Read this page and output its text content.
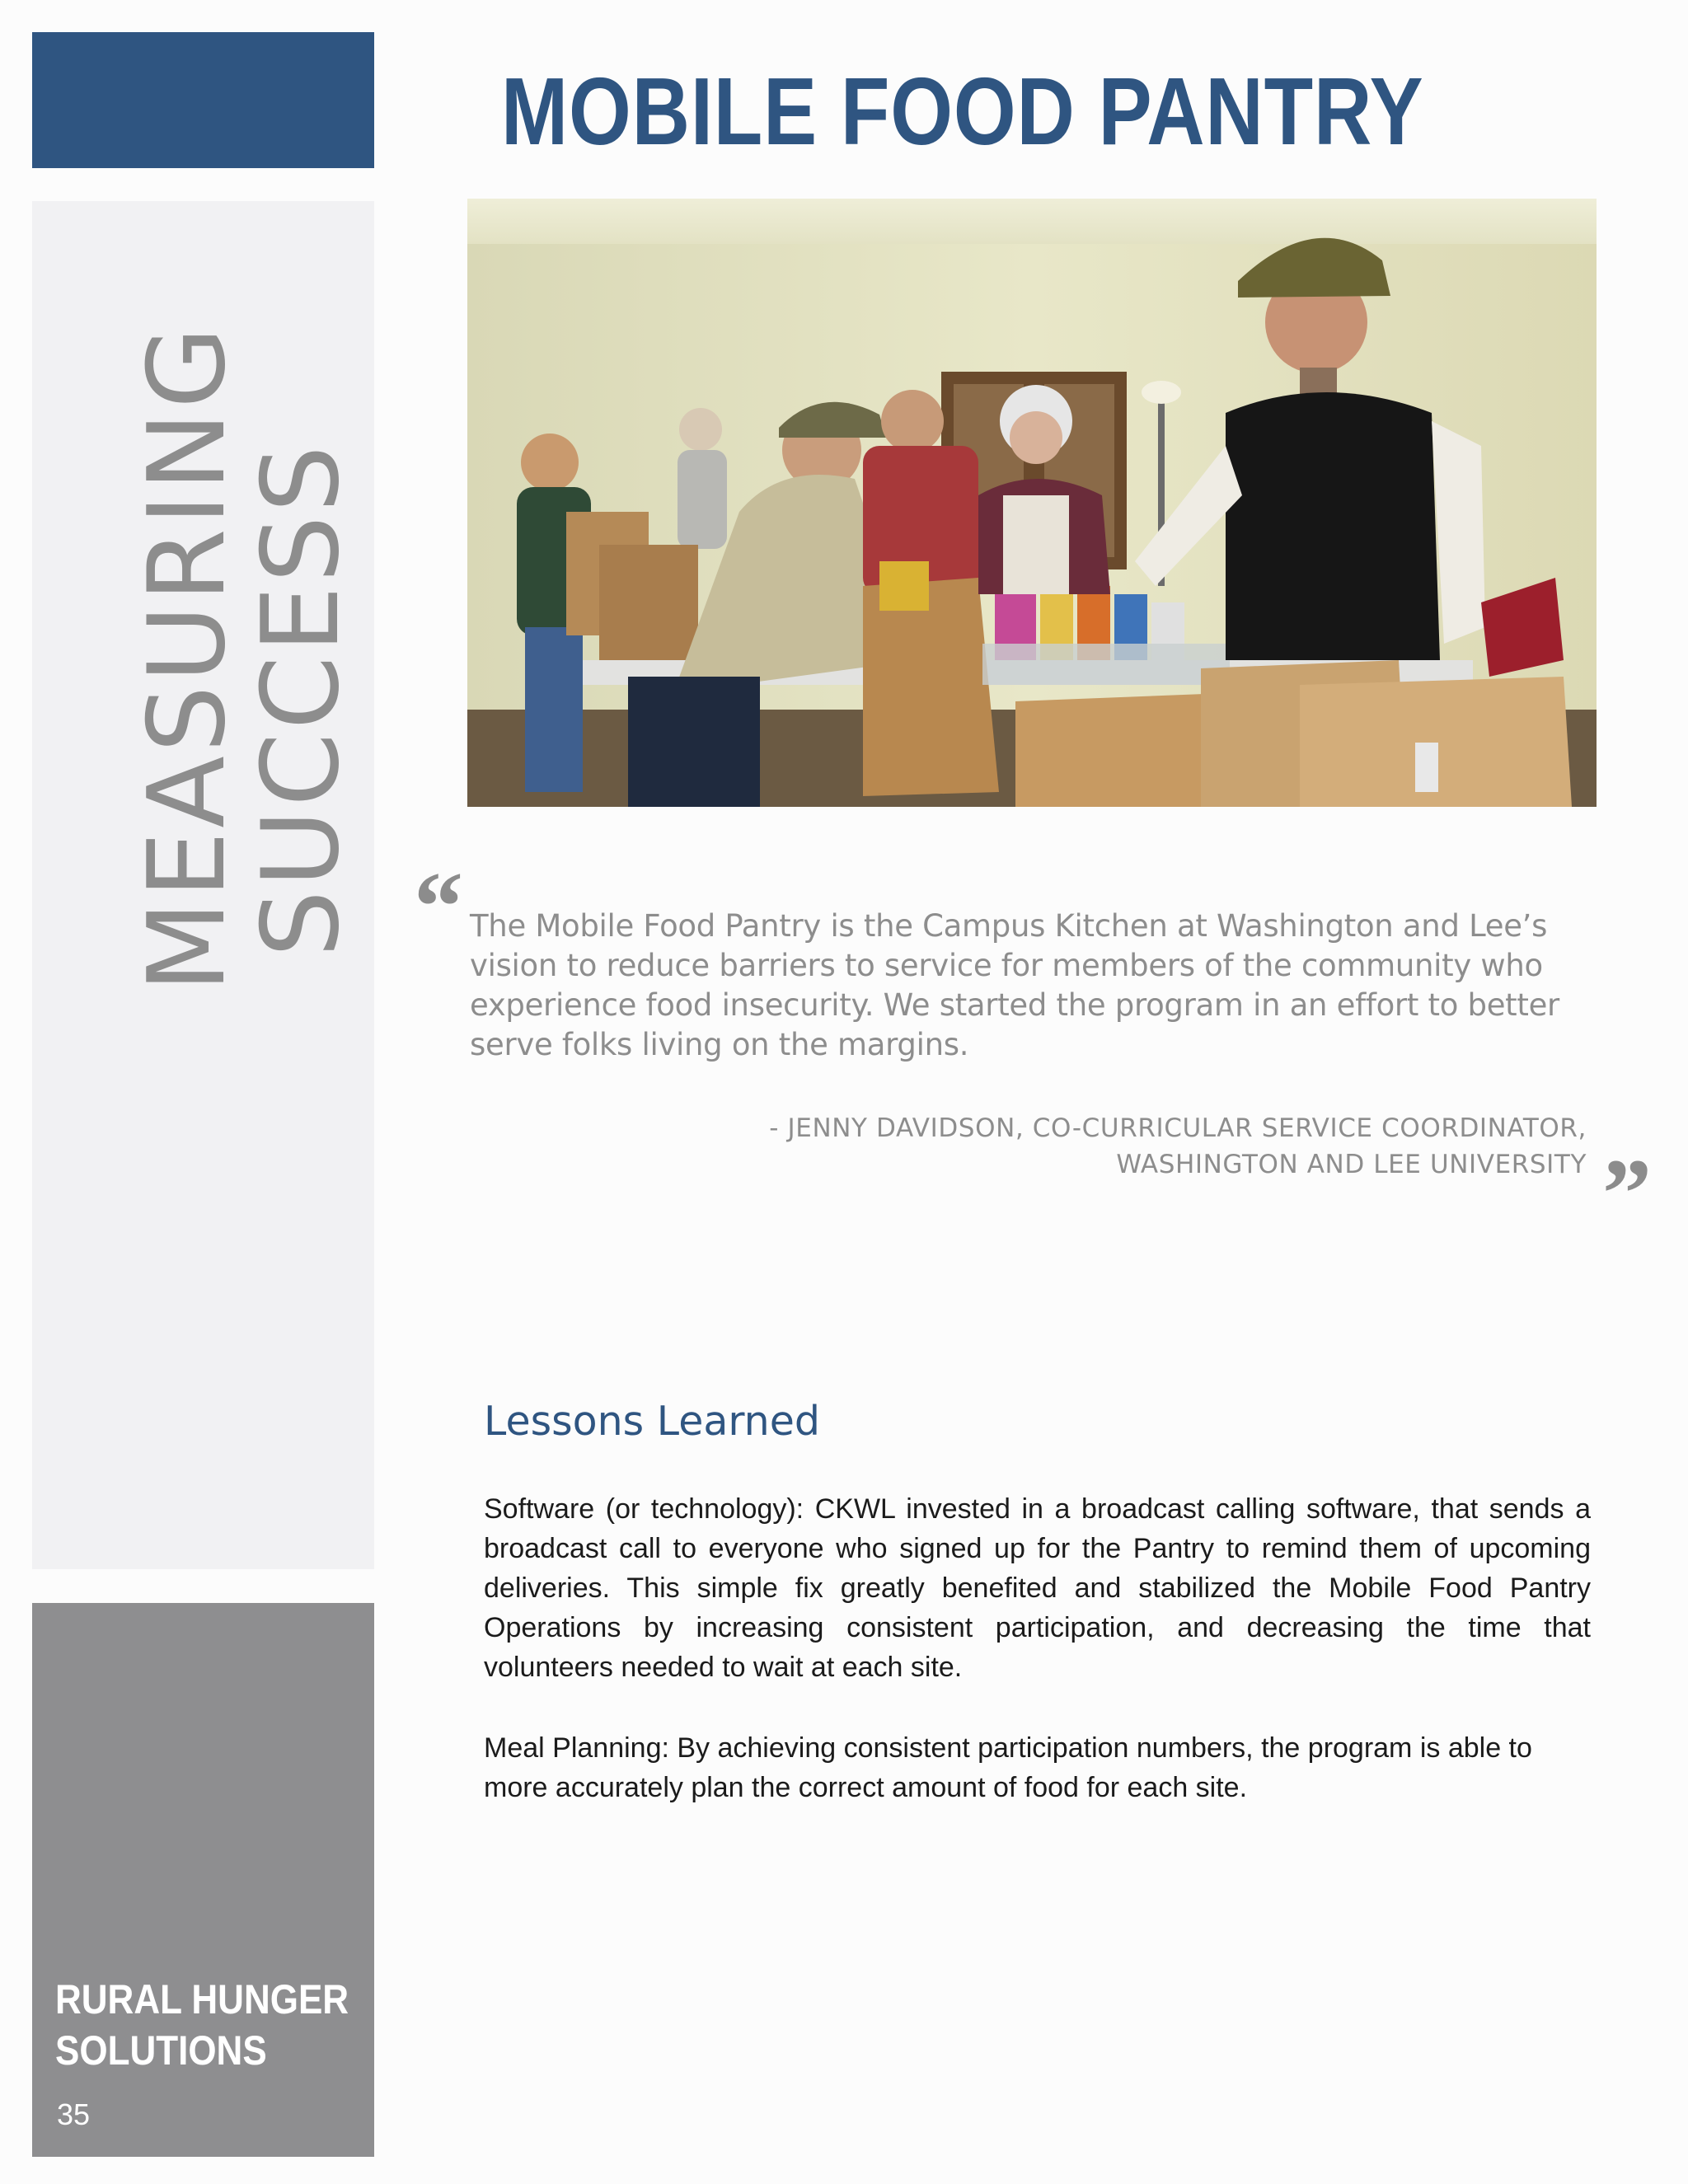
MEASURING
SUCCESS
RURAL HUNGER
SOLUTIONS
35
MOBILE FOOD PANTRY
“ The Mobile Food Pantry is the Campus Kitchen at Washington and Lee’s vision to reduce barriers to service for members of the community who experience food insecurity. We started the program in an effort to better serve folks living on the margins.

- JENNY DAVIDSON, CO-CURRICULAR SERVICE COORDINATOR,
WASHINGTON AND LEE UNIVERSITY ”
Lessons Learned

Software (or technology): CKWL invested in a broadcast calling software, that sends a broadcast call to everyone who signed up for the Pantry to remind them of upcoming deliveries. This simple fix greatly benefited and stabilized the Mobile Food Pantry Operations by increasing consistent participation, and decreasing the time that volunteers needed to wait at each site.

Meal Planning: By achieving consistent participation numbers, the program is able to more accurately plan the correct amount of food for each site.
